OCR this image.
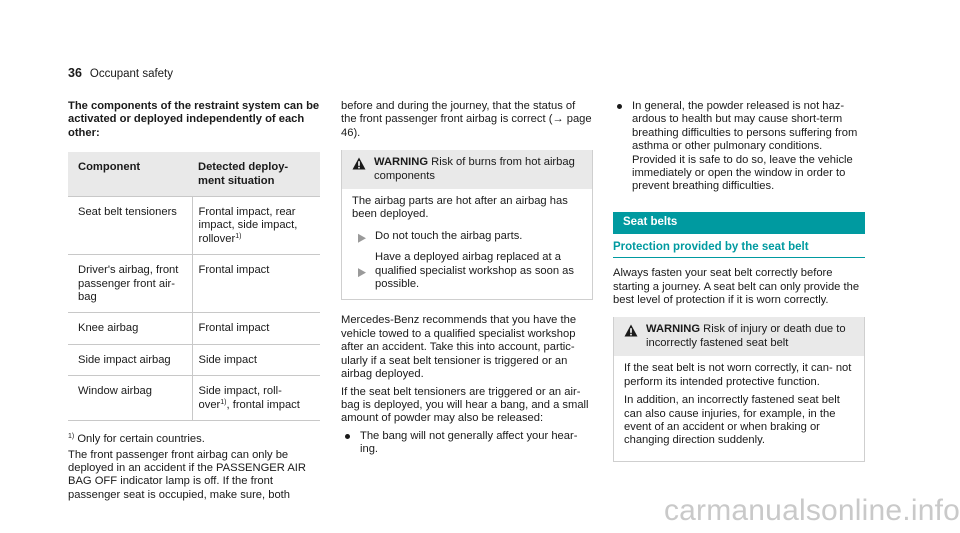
36 Occupant safety
The components of the restraint system can be activated or deployed independently of each other:
Component	Detected deploy- ment situation
Seat belt tensioners	Frontal impact, rear impact, side impact, rollover$^{1)}$
Driver's airbag, front passenger front air- bag	Frontal impact
Knee airbag	Frontal impact
Side impact airbag	Side impact
Window airbag	Side impact, roll- over$^{1)}$, frontal impact
$^{1)}$ Only for certain countries.

The front passenger front airbag can only be deployed in an accident if the PASSENGER AIR BAG OFF indicator lamp is off. If the front passenger seat is occupied, make sure, both

before and during the journey, that the status of the front passenger front airbag is correct (→ page 46).

WARNING Risk of burns from hot airbag components

The airbag parts are hot after an airbag has been deployed.

Do not touch the airbag parts.
Have a deployed airbag replaced at a qualified specialist workshop as soon as possible.

Mercedes-Benz recommends that you have the vehicle towed to a qualified specialist workshop after an accident. Take this into account, partic- ularly if a seat belt tensioner is triggered or an airbag deployed.

If the seat belt tensioners are triggered or an air- bag is deployed, you will hear a bang, and a small amount of powder may also be released:

The bang will not generally affect your hear- ing.
In general, the powder released is not haz- ardous to health but may cause short-term breathing difficulties to persons suffering from asthma or other pulmonary conditions. Provided it is safe to do so, leave the vehicle immediately or open the window in order to prevent breathing difficulties.
Seat belts
Protection provided by the seat belt

Always fasten your seat belt correctly before starting a journey. A seat belt can only provide the best level of protection if it is worn correctly.

WARNING Risk of injury or death due to incorrectly fastened seat belt

If the seat belt is not worn correctly, it can- not perform its intended protective function.

In addition, an incorrectly fastened seat belt can also cause injuries, for example, in the event of an accident or when braking or changing direction suddenly.

carmanualsonline.info
